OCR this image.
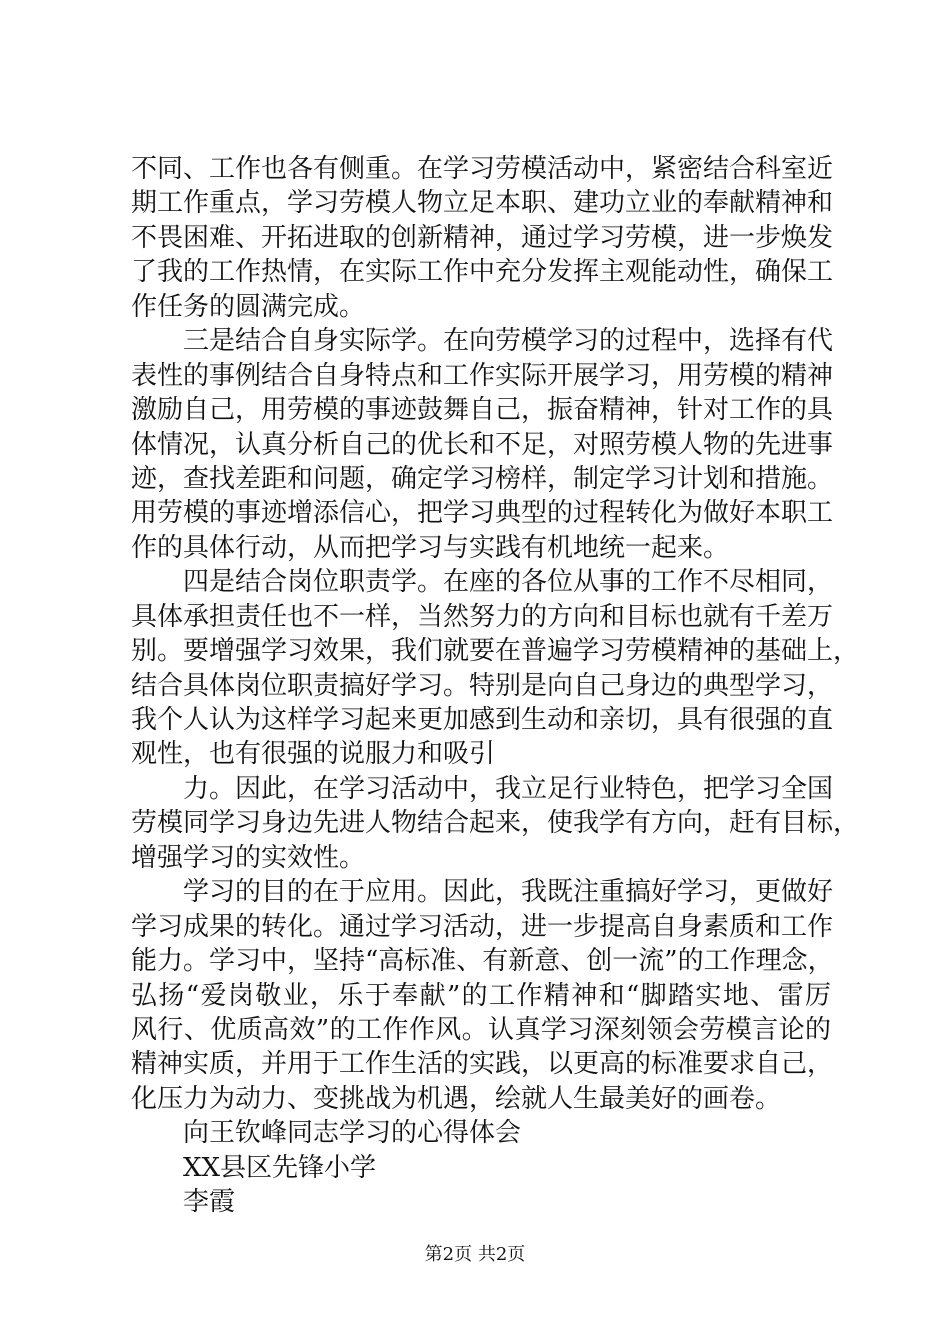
不同、工作也各有侧重。在学习劳模活动中，紧密结合科室近
期工作重点，学习劳模人物立足本职、建功立业的奉献精神和
不畏困难、开拓进取的创新精神，通过学习劳模，进一步焕发
了我的工作热情，在实际工作中充分发挥主观能动性，确保工
作任务的圆满完成。
三是结合自身实际学。在向劳模学习的过程中，选择有代
表性的事例结合自身特点和工作实际开展学习，用劳模的精神
激励自己，用劳模的事迹鼓舞自己，振奋精神，针对工作的具
体情况，认真分析自己的优长和不足，对照劳模人物的先进事
迹，查找差距和问题，确定学习榜样，制定学习计划和措施。
用劳模的事迹增添信心，把学习典型的过程转化为做好本职工
作的具体行动，从而把学习与实践有机地统一起来。
四是结合岗位职责学。在座的各位从事的工作不尽相同，
具体承担责任也不一样，当然努力的方向和目标也就有千差万
别。要增强学习效果，我们就要在普遍学习劳模精神的基础上，
结合具体岗位职责搞好学习。特别是向自己身边的典型学习，
我个人认为这样学习起来更加感到生动和亲切，具有很强的直
观性，也有很强的说服力和吸引
力。因此，在学习活动中，我立足行业特色，把学习全国
劳模同学习身边先进人物结合起来，使我学有方向，赶有目标，
增强学习的实效性。
学习的目的在于应用。因此，我既注重搞好学习，更做好
学习成果的转化。通过学习活动，进一步提高自身素质和工作
能力。学习中，坚持“高标准、有新意、创一流”的工作理念，
弘扬“爱岗敬业，乐于奉献”的工作精神和“脚踏实地、雷厉
风行、优质高效”的工作作风。认真学习深刻领会劳模言论的
精神实质，并用于工作生活的实践，以更高的标准要求自己，
化压力为动力、变挑战为机遇，绘就人生最美好的画卷。
向王钦峰同志学习的心得体会
XX县区先锋小学
李霞
第2页 共2页
